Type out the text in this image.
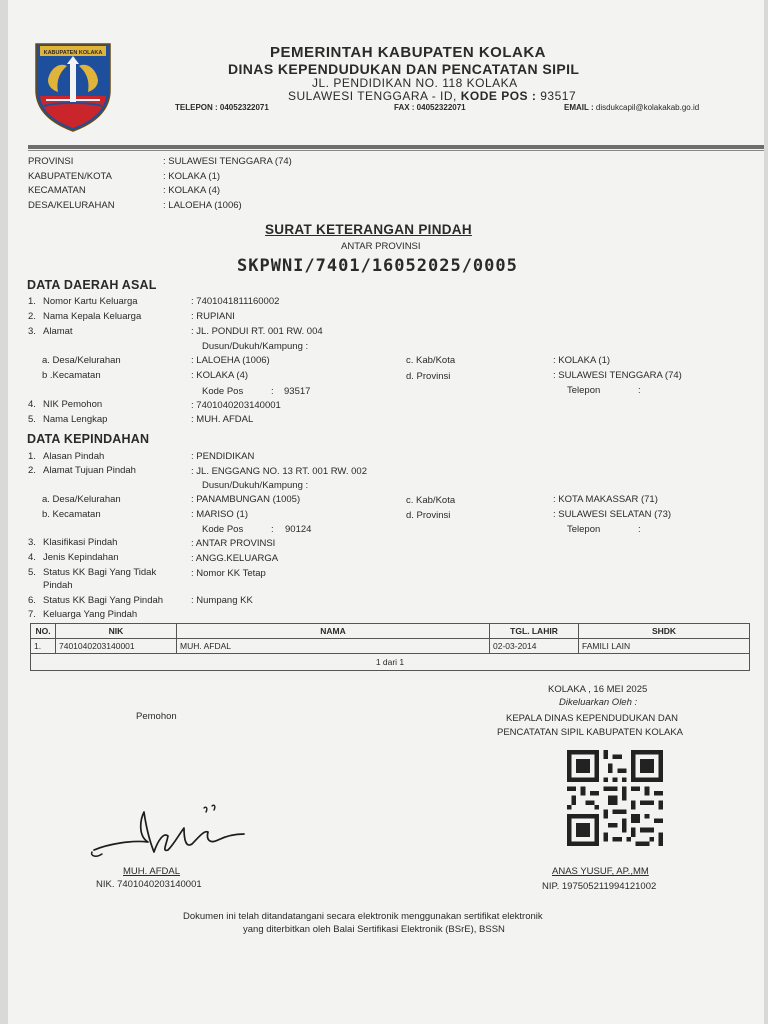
KABUPATEN KOLAKA	PEMERINTAH KABUPATEN KOLAKA
DINAS KEPENDUDUKAN DAN PENCATATAN SIPIL
JL. PENDIDIKAN NO. 118 KOLAKA
SULAWESI TENGGARA - ID, KODE POS : 93517
TELEPON : 04052322071	FAX : 04052322071	EMAIL : disdukcapil@kolakakab.go.id
PROVINSI	: SULAWESI TENGGARA (74)
KABUPATEN/KOTA	: KOLAKA (1)
KECAMATAN	: KOLAKA (4)
DESA/KELURAHAN	: LALOEHA (1006)
SURAT KETERANGAN PINDAH
ANTAR PROVINSI
SKPWNI/7401/16052025/0005
DATA DAERAH ASAL
1. Nomor Kartu Keluarga	: 7401041811160002
2. Nama Kepala Keluarga	: RUPIANI
3. Alamat	: JL. PONDUI RT. 001 RW. 004
Dusun/Dukuh/Kampung :
a. Desa/Kelurahan	: LALOEHA (1006)	c. Kab/Kota	: KOLAKA (1)
b .Kecamatan	: KOLAKA (4)	d. Provinsi	: SULAWESI TENGGARA (74)
Kode Pos	: 93517	Telepon	:
4. NIK Pemohon	: 7401040203140001
5. Nama Lengkap	: MUH. AFDAL
DATA KEPINDAHAN
1. Alasan Pindah	: PENDIDIKAN
2. Alamat Tujuan Pindah	: JL. ENGGANG NO. 13 RT. 001 RW. 002
Dusun/Dukuh/Kampung :
a. Desa/Kelurahan	: PANAMBUNGAN (1005)	c. Kab/Kota	: KOTA MAKASSAR (71)
b. Kecamatan	: MARISO (1)	d. Provinsi	: SULAWESI SELATAN (73)
Kode Pos	: 90124	Telepon	:
3. Klasifikasi Pindah	: ANTAR PROVINSI
4. Jenis Kepindahan	: ANGG.KELUARGA
5. Status KK Bagi Yang Tidak
Pindah
: Nomor KK Tetap
6. Status KK Bagi Yang Pindah	: Numpang KK
7. Keluarga Yang Pindah
NO.	NIK	NAMA	TGL. LAHIR	SHDK
1.	7401040203140001	MUH. AFDAL	02-03-2014	FAMILI LAIN
1 dari 1				
KOLAKA , 16 MEI 2025
Dikeluarkan Oleh :
KEPALA DINAS KEPENDUDUKAN DAN
PENCATATAN SIPIL KABUPATEN KOLAKA
Pemohon
MUH. AFDAL
NIK. 7401040203140001
ANAS YUSUF, AP.,MM
NIP. 197505211994121002
Dokumen ini telah ditandatangani secara elektronik menggunakan sertifikat elektronik
yang diterbitkan oleh Balai Sertifikasi Elektronik (BSrE), BSSN
